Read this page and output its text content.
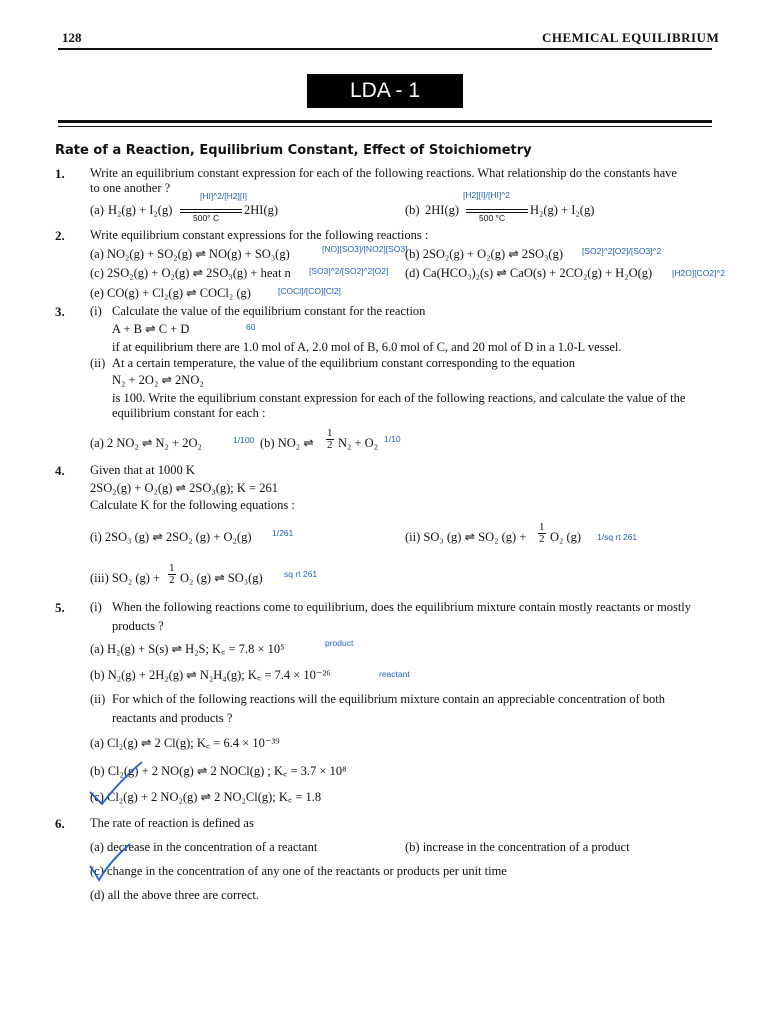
128	CHEMICAL EQUILIBRIUM
LDA - 1
Rate of a Reaction, Equilibrium Constant, Effect of Stoichiometry
1. Write an equilibrium constant expression for each of the following reactions. What relationship do the constants have
to one another ?
[HI]^2/[H2][I]
(a) H₂(g) + I₂(g)
500° C
2HI(g)
[H2][I]/[HI]^2
(b) 2HI(g)
500 °C
H₂(g) + I₂(g)
2. Write equilibrium constant expressions for the following reactions :
(a) NO₂(g) + SO₂(g) ⇌ NO(g) + SO₃(g)	[NO][SO3]/[NO2][SO3]
(b) 2SO₂(g) + O₂(g) ⇌ 2SO₃(g) [SO2]^2[O2]/[SO3]^2
(c) 2SO₂(g) + O₂(g) ⇌ 2SO₃(g) + heat n [SO3]^2/[SO2]^2[O2] (d) Ca(HCO₃)₂(s) ⇌ CaO(s) + 2CO₂(g) + H₂O(g) [H2O][CO2]^2
(e) CO(g) + Cl₂(g) ⇌ COCl₂ (g)	[COCl]/[CO][Cl2]
3. (i) Calculate the value of the equilibrium constant for the reaction
A + B ⇌ C + D	60
if at equilibrium there are 1.0 mol of A, 2.0 mol of B, 6.0 mol of C, and 20 mol of D in a 1.0-L vessel.
(ii) At a certain temperature, the value of the equilibrium constant corresponding to the equation
N₂ + 2O₂ ⇌ 2NO₂
is 100. Write the equilibrium constant expression for each of the following reactions, and calculate the value of the
equilibrium constant for each :
(a) 2 NO₂ ⇌ N₂ + 2O₂	1/100 (b) NO₂ ⇌ $\frac{1}{2} N_2 + O_2$ 1/10
4. Given that at 1000 K
2SO₂(g) + O₂(g) ⇌ 2SO₃(g); K = 261
Calculate K for the following equations :
(i) 2SO₃ (g) ⇌ 2SO₂ (g) + O₂(g) 1/261	(ii) SO₃ (g) ⇌ SO₂ $(g) + \frac{1}{2} O_2$ (g) 1/sq rt 261
(iii) SO₂ $(g) + \frac{1}{2} O_2$ (g) ⇌ SO₃(g)	sq rt 261
5. (i) When the following reactions come to equilibrium, does the equilibrium mixture contain mostly reactants or mostly
products ?
(a) H₂(g) + S(s) ⇌ H₂S; K꜀ = 7.8 × 10⁵	product
(b) N₂(g) + 2H₂(g) ⇌ N₂H₄(g); K꜀ = 7.4 × 10⁻²⁶	reactant
(ii) For which of the following reactions will the equilibrium mixture contain an appreciable concentration of both
reactants and products ?
(a) Cl₂(g) ⇌ 2 Cl(g); K꜀ = 6.4 × 10⁻³⁹
(b) Cl₂(g) + 2 NO(g) ⇌ 2 NOCl(g) ; K꜀ = 3.7 × 10⁸
(c) Cl₂(g) + 2 NO₂(g) ⇌ 2 NO₂Cl(g); K꜀ = 1.8
6. The rate of reaction is defined as
(a) decrease in the concentration of a reactant	(b) increase in the concentration of a product
(c) change in the concentration of any one of the reactants or products per unit time
(d) all the above three are correct.
